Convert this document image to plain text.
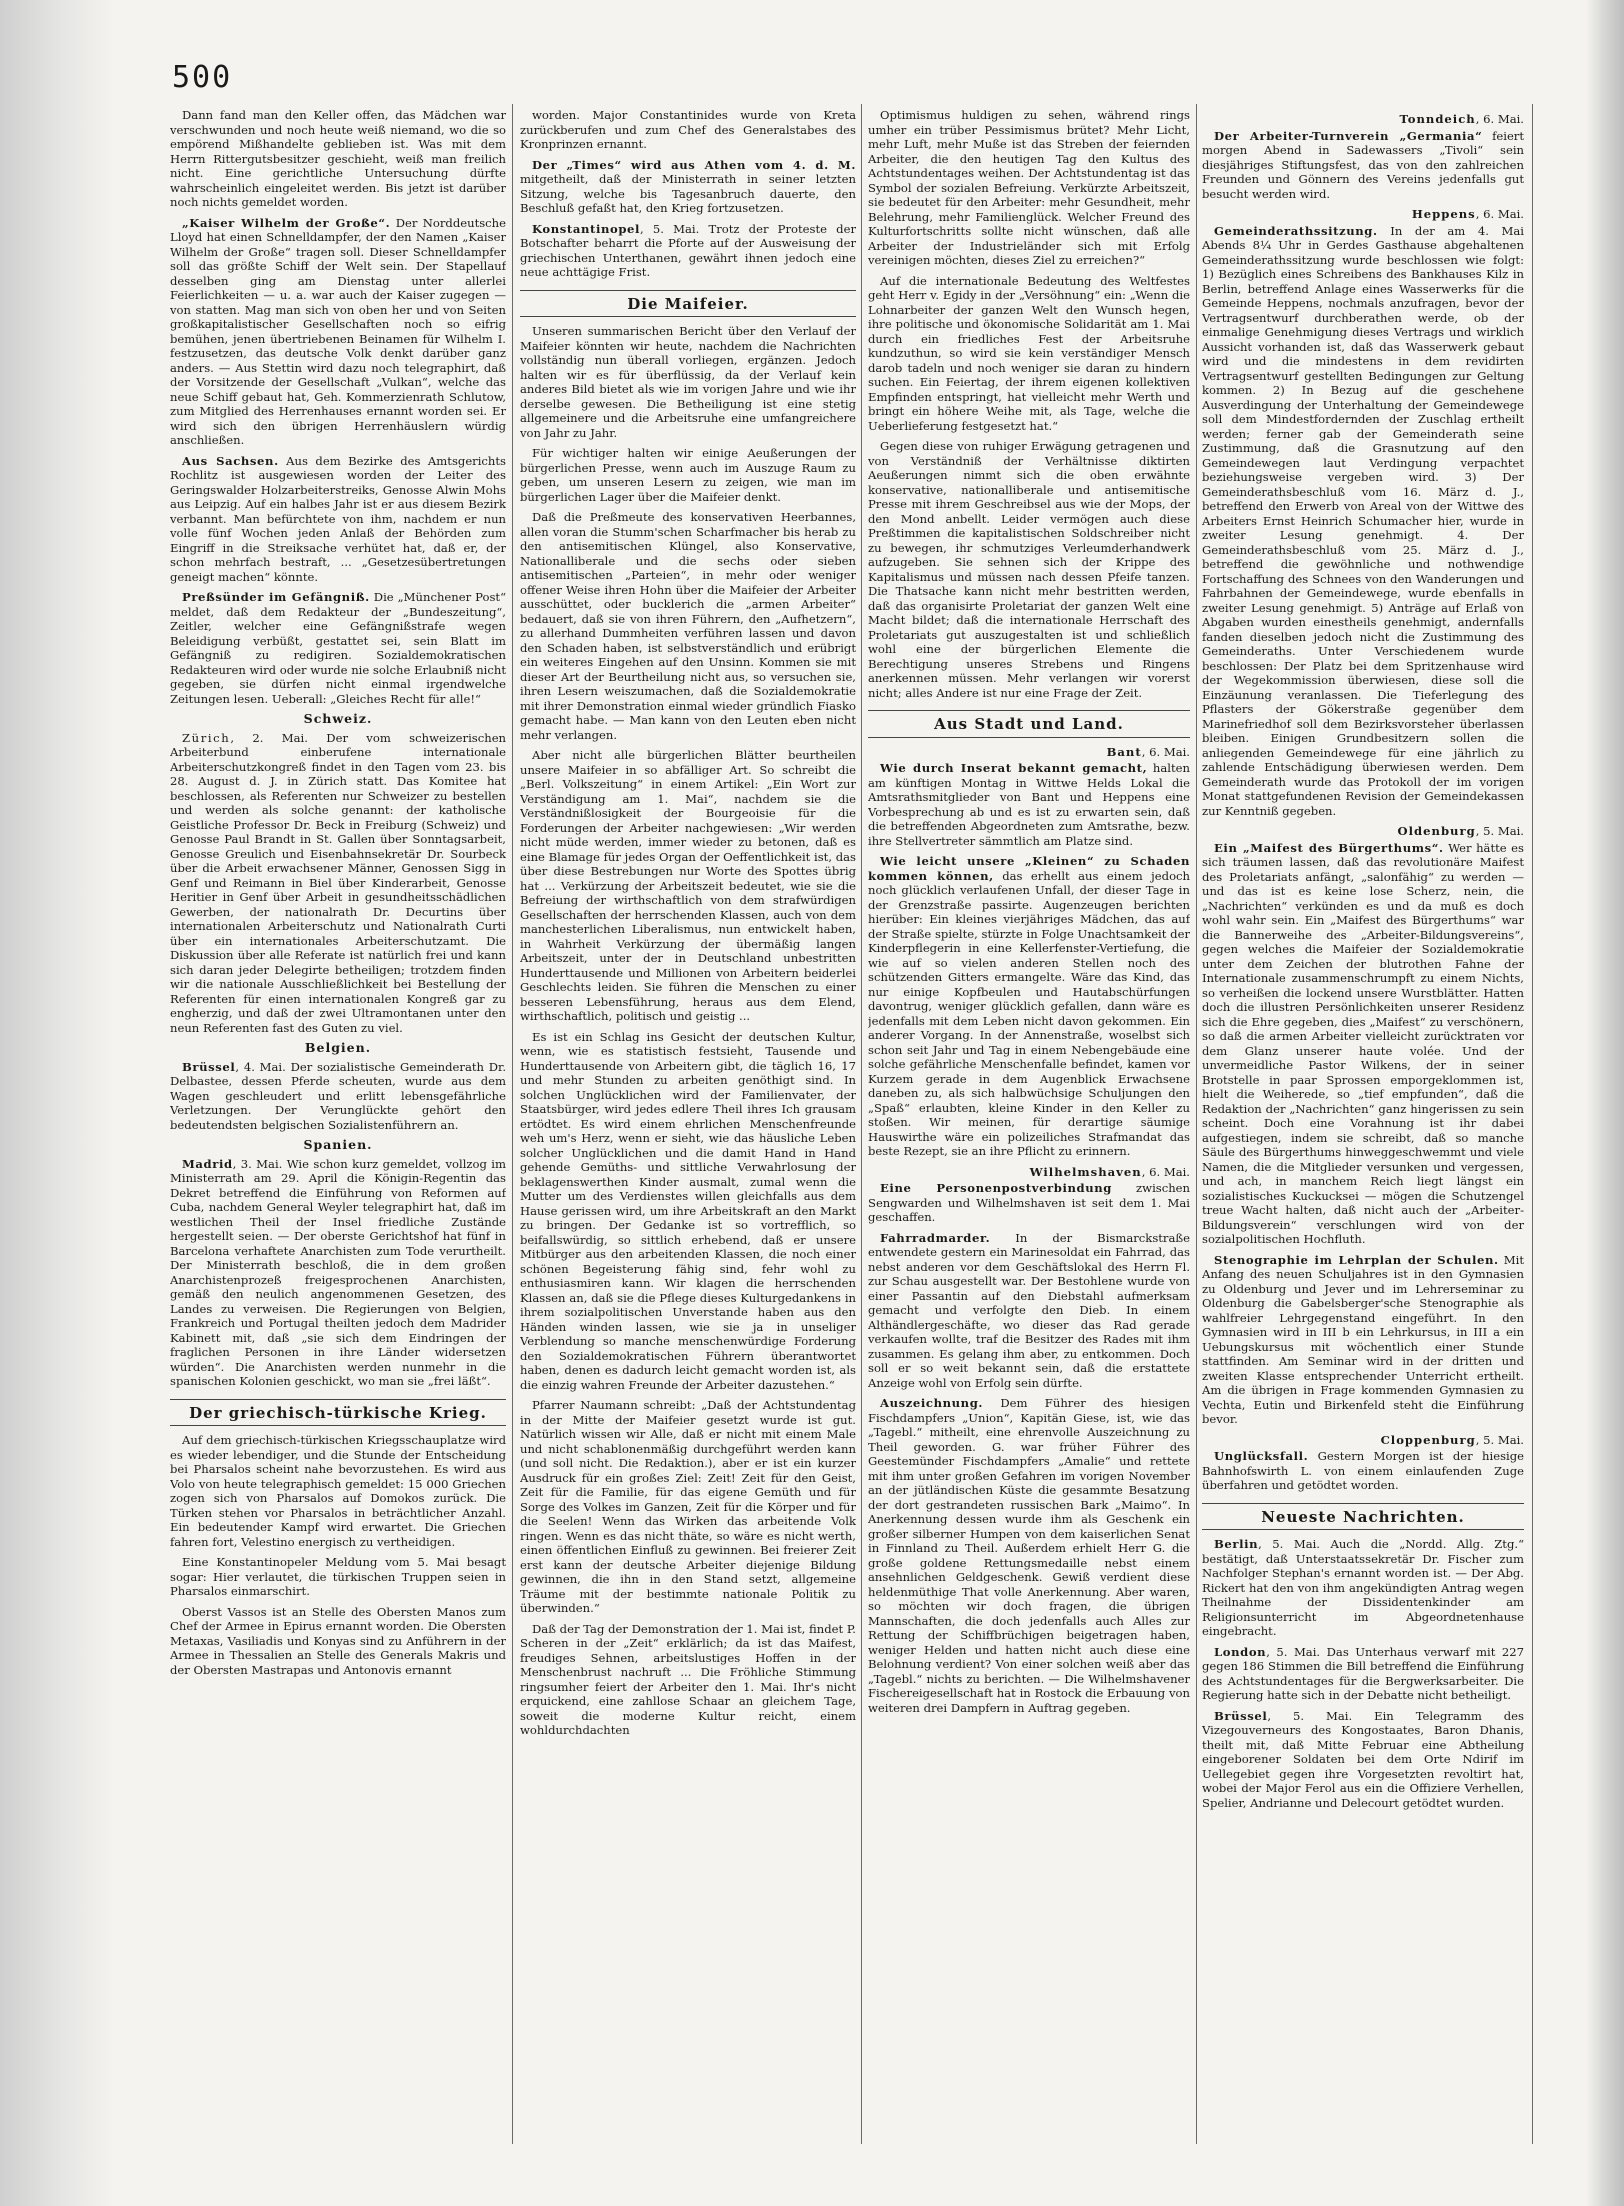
500

Dann fand man den Keller offen, das Mädchen war verschwunden und noch heute weiß niemand, wo die so empörend Mißhandelte geblieben ist. Was mit dem Herrn Rittergutsbesitzer geschieht, weiß man freilich nicht. Eine gerichtliche Untersuchung dürfte wahrscheinlich eingeleitet werden. Bis jetzt ist darüber noch nichts gemeldet worden.

„Kaiser Wilhelm der Große“. Der Norddeutsche Lloyd hat einen Schnelldampfer, der den Namen „Kaiser Wilhelm der Große“ tragen soll. Dieser Schnelldampfer soll das größte Schiff der Welt sein. Der Stapellauf desselben ging am Dienstag unter allerlei Feierlichkeiten — u. a. war auch der Kaiser zugegen — von statten. Mag man sich von oben her und von Seiten großkapitalistischer Gesellschaften noch so eifrig bemühen, jenen übertriebenen Beinamen für Wilhelm I. festzusetzen, das deutsche Volk denkt darüber ganz anders. — Aus Stettin wird dazu noch telegraphirt, daß der Vorsitzende der Gesellschaft „Vulkan“, welche das neue Schiff gebaut hat, Geh. Kommerzienrath Schlutow, zum Mitglied des Herrenhauses ernannt worden sei. Er wird sich den übrigen Herrenhäuslern würdig anschließen.

Aus Sachsen. Aus dem Bezirke des Amtsgerichts Rochlitz ist ausgewiesen worden der Leiter des Geringswalder Holzarbeiterstreiks, Genosse Alwin Mohs aus Leipzig. Auf ein halbes Jahr ist er aus diesem Bezirk verbannt. Man befürchtete von ihm, nachdem er nun volle fünf Wochen jeden Anlaß der Behörden zum Eingriff in die Streiksache verhütet hat, daß er, der schon mehrfach bestraft, ... „Gesetzesübertretungen geneigt machen“ könnte.

Preßsünder im Gefängniß. Die „Münchener Post“ meldet, daß dem Redakteur der „Bundeszeitung“, Zeitler, welcher eine Gefängnißstrafe wegen Beleidigung verbüßt, gestattet sei, sein Blatt im Gefängniß zu redigiren. Sozialdemokratischen Redakteuren wird oder wurde nie solche Erlaubniß nicht gegeben, sie dürfen nicht einmal irgendwelche Zeitungen lesen. Ueberall: „Gleiches Recht für alle!“

Schweiz.

Zürich, 2. Mai. Der vom schweizerischen Arbeiterbund einberufene internationale Arbeiterschutzkongreß findet in den Tagen vom 23. bis 28. August d. J. in Zürich statt. Das Komitee hat beschlossen, als Referenten nur Schweizer zu bestellen und werden als solche genannt: der katholische Geistliche Professor Dr. Beck in Freiburg (Schweiz) und Genosse Paul Brandt in St. Gallen über Sonntagsarbeit, Genosse Greulich und Eisenbahnsekretär Dr. Sourbeck über die Arbeit erwachsener Männer, Genossen Sigg in Genf und Reimann in Biel über Kinderarbeit, Genosse Heritier in Genf über Arbeit in gesundheitsschädlichen Gewerben, der nationalrath Dr. Decurtins über internationalen Arbeiterschutz und Nationalrath Curti über ein internationales Arbeiterschutzamt. Die Diskussion über alle Referate ist natürlich frei und kann sich daran jeder Delegirte betheiligen; trotzdem finden wir die nationale Ausschließlichkeit bei Bestellung der Referenten für einen internationalen Kongreß gar zu engherzig, und daß der zwei Ultramontanen unter den neun Referenten fast des Guten zu viel.

Belgien.

Brüssel, 4. Mai. Der sozialistische Gemeinderath Dr. Delbastee, dessen Pferde scheuten, wurde aus dem Wagen geschleudert und erlitt lebensgefährliche Verletzungen. Der Verunglückte gehört den bedeutendsten belgischen Sozialistenführern an.

Spanien.

Madrid, 3. Mai. Wie schon kurz gemeldet, vollzog im Ministerrath am 29. April die Königin-Regentin das Dekret betreffend die Einführung von Reformen auf Cuba, nachdem General Weyler telegraphirt hat, daß im westlichen Theil der Insel friedliche Zustände hergestellt seien. — Der oberste Gerichtshof hat fünf in Barcelona verhaftete Anarchisten zum Tode verurtheilt. Der Ministerrath beschloß, die in dem großen Anarchistenprozeß freigesprochenen Anarchisten, gemäß den neulich angenommenen Gesetzen, des Landes zu verweisen. Die Regierungen von Belgien, Frankreich und Portugal theilten jedoch dem Madrider Kabinett mit, daß „sie sich dem Eindringen der fraglichen Personen in ihre Länder widersetzen würden“. Die Anarchisten werden nunmehr in die spanischen Kolonien geschickt, wo man sie „frei läßt“.

Der griechisch-türkische Krieg.

Auf dem griechisch-türkischen Kriegsschauplatze wird es wieder lebendiger, und die Stunde der Entscheidung bei Pharsalos scheint nahe bevorzustehen. Es wird aus Volo von heute telegraphisch gemeldet: 15 000 Griechen zogen sich von Pharsalos auf Domokos zurück. Die Türken stehen vor Pharsalos in beträchtlicher Anzahl. Ein bedeutender Kampf wird erwartet. Die Griechen fahren fort, Velestino energisch zu vertheidigen.

Eine Konstantinopeler Meldung vom 5. Mai besagt sogar: Hier verlautet, die türkischen Truppen seien in Pharsalos einmarschirt.

Oberst Vassos ist an Stelle des Obersten Manos zum Chef der Armee in Epirus ernannt worden. Die Obersten Metaxas, Vasiliadis und Konyas sind zu Anführern in der Armee in Thessalien an Stelle des Generals Makris und der Obersten Mastrapas und Antonovis ernannt

worden. Major Constantinides wurde von Kreta zurückberufen und zum Chef des Generalstabes des Kronprinzen ernannt.

Der „Times“ wird aus Athen vom 4. d. M. mitgetheilt, daß der Ministerrath in seiner letzten Sitzung, welche bis Tagesanbruch dauerte, den Beschluß gefaßt hat, den Krieg fortzusetzen.

Konstantinopel, 5. Mai. Trotz der Proteste der Botschafter beharrt die Pforte auf der Ausweisung der griechischen Unterthanen, gewährt ihnen jedoch eine neue achttägige Frist.

Die Maifeier.

Unseren summarischen Bericht über den Verlauf der Maifeier könnten wir heute, nachdem die Nachrichten vollständig nun überall vorliegen, ergänzen. Jedoch halten wir es für überflüssig, da der Verlauf kein anderes Bild bietet als wie im vorigen Jahre und wie ihr derselbe gewesen. Die Betheiligung ist eine stetig allgemeinere und die Arbeitsruhe eine umfangreichere von Jahr zu Jahr.

Für wichtiger halten wir einige Aeußerungen der bürgerlichen Presse, wenn auch im Auszuge Raum zu geben, um unseren Lesern zu zeigen, wie man im bürgerlichen Lager über die Maifeier denkt.

Daß die Preßmeute des konservativen Heerbannes, allen voran die Stumm'schen Scharfmacher bis herab zu den antisemitischen Klüngel, also Konservative, Nationalliberale und die sechs oder sieben antisemitischen „Parteien“, in mehr oder weniger offener Weise ihren Hohn über die Maifeier der Arbeiter ausschüttet, oder bucklerich die „armen Arbeiter“ bedauert, daß sie von ihren Führern, den „Aufhetzern“, zu allerhand Dummheiten verführen lassen und davon den Schaden haben, ist selbstverständlich und erübrigt ein weiteres Eingehen auf den Unsinn. Kommen sie mit dieser Art der Beurtheilung nicht aus, so versuchen sie, ihren Lesern weiszumachen, daß die Sozialdemokratie mit ihrer Demonstration einmal wieder gründlich Fiasko gemacht habe. — Man kann von den Leuten eben nicht mehr verlangen.

Aber nicht alle bürgerlichen Blätter beurtheilen unsere Maifeier in so abfälliger Art. So schreibt die „Berl. Volkszeitung“ in einem Artikel: „Ein Wort zur Verständigung am 1. Mai“, nachdem sie die Verständnißlosigkeit der Bourgeoisie für die Forderungen der Arbeiter nachgewiesen: „Wir werden nicht müde werden, immer wieder zu betonen, daß es eine Blamage für jedes Organ der Oeffentlichkeit ist, das über diese Bestrebungen nur Worte des Spottes übrig hat ... Verkürzung der Arbeitszeit bedeutet, wie sie die Befreiung der wirthschaftlich von dem strafwürdigen Gesellschaften der herrschenden Klassen, auch von dem manchesterlichen Liberalismus, nun entwickelt haben, in Wahrheit Verkürzung der übermäßig langen Arbeitszeit, unter der in Deutschland unbestritten Hunderttausende und Millionen von Arbeitern beiderlei Geschlechts leiden. Sie führen die Menschen zu einer besseren Lebensführung, heraus aus dem Elend, wirthschaftlich, politisch und geistig ...

Es ist ein Schlag ins Gesicht der deutschen Kultur, wenn, wie es statistisch festsieht, Tausende und Hunderttausende von Arbeitern gibt, die täglich 16, 17 und mehr Stunden zu arbeiten genöthigt sind. In solchen Unglücklichen wird der Familienvater, der Staatsbürger, wird jedes edlere Theil ihres Ich grausam ertödtet. Es wird einem ehrlichen Menschenfreunde weh um's Herz, wenn er sieht, wie das häusliche Leben solcher Unglücklichen und die damit Hand in Hand gehende Gemüths- und sittliche Verwahrlosung der beklagenswerthen Kinder ausmalt, zumal wenn die Mutter um des Verdienstes willen gleichfalls aus dem Hause gerissen wird, um ihre Arbeitskraft an den Markt zu bringen. Der Gedanke ist so vortrefflich, so beifallswürdig, so sittlich erhebend, daß er unsere Mitbürger aus den arbeitenden Klassen, die noch einer schönen Begeisterung fähig sind, fehr wohl zu enthusiasmiren kann. Wir klagen die herrschenden Klassen an, daß sie die Pflege dieses Kulturgedankens in ihrem sozialpolitischen Unverstande haben aus den Händen winden lassen, wie sie ja in unseliger Verblendung so manche menschenwürdige Forderung den Sozialdemokratischen Führern überantwortet haben, denen es dadurch leicht gemacht worden ist, als die einzig wahren Freunde der Arbeiter dazustehen.“

Pfarrer Naumann schreibt: „Daß der Achtstundentag in der Mitte der Maifeier gesetzt wurde ist gut. Natürlich wissen wir Alle, daß er nicht mit einem Male und nicht schablonenmäßig durchgeführt werden kann (und soll nicht. Die Redaktion.), aber er ist ein kurzer Ausdruck für ein großes Ziel: Zeit! Zeit für den Geist, Zeit für die Familie, für das eigene Gemüth und für Sorge des Volkes im Ganzen, Zeit für die Körper und für die Seelen! Wenn das Wirken das arbeitende Volk ringen. Wenn es das nicht thäte, so wäre es nicht werth, einen öffentlichen Einfluß zu gewinnen. Bei freierer Zeit erst kann der deutsche Arbeiter diejenige Bildung gewinnen, die ihn in den Stand setzt, allgemeine Träume mit der bestimmte nationale Politik zu überwinden.“

Daß der Tag der Demonstration der 1. Mai ist, findet P. Scheren in der „Zeit“ erklärlich; da ist das Maifest, freudiges Sehnen, arbeitslustiges Hoffen in der Menschenbrust nachruft ... Die Fröhliche Stimmung ringsumher feiert der Arbeiter den 1. Mai. Ihr's nicht erquickend, eine zahllose Schaar an gleichem Tage, soweit die moderne Kultur reicht, einem wohldurchdachten

Optimismus huldigen zu sehen, während rings umher ein trüber Pessimismus brütet? Mehr Licht, mehr Luft, mehr Muße ist das Streben der feiernden Arbeiter, die den heutigen Tag den Kultus des Achtstundentages weihen. Der Achtstundentag ist das Symbol der sozialen Befreiung. Verkürzte Arbeitszeit, sie bedeutet für den Arbeiter: mehr Gesundheit, mehr Belehrung, mehr Familienglück. Welcher Freund des Kulturfortschritts sollte nicht wünschen, daß alle Arbeiter der Industrieländer sich mit Erfolg vereinigen möchten, dieses Ziel zu erreichen?“

Auf die internationale Bedeutung des Weltfestes geht Herr v. Egidy in der „Versöhnung“ ein: „Wenn die Lohnarbeiter der ganzen Welt den Wunsch hegen, ihre politische und ökonomische Solidarität am 1. Mai durch ein friedliches Fest der Arbeitsruhe kundzuthun, so wird sie kein verständiger Mensch darob tadeln und noch weniger sie daran zu hindern suchen. Ein Feiertag, der ihrem eigenen kollektiven Empfinden entspringt, hat vielleicht mehr Werth und bringt ein höhere Weihe mit, als Tage, welche die Ueberlieferung festgesetzt hat.“

Gegen diese von ruhiger Erwägung getragenen und von Verständniß der Verhältnisse diktirten Aeußerungen nimmt sich die oben erwähnte konservative, nationalliberale und antisemitische Presse mit ihrem Geschreibsel aus wie der Mops, der den Mond anbellt. Leider vermögen auch diese Preßtimmen die kapitalistischen Soldschreiber nicht zu bewegen, ihr schmutziges Verleumderhandwerk aufzugeben. Sie sehnen sich der Krippe des Kapitalismus und müssen nach dessen Pfeife tanzen. Die Thatsache kann nicht mehr bestritten werden, daß das organisirte Proletariat der ganzen Welt eine Macht bildet; daß die internationale Herrschaft des Proletariats gut auszugestalten ist und schließlich wohl eine der bürgerlichen Elemente die Berechtigung unseres Strebens und Ringens anerkennen müssen. Mehr verlangen wir vorerst nicht; alles Andere ist nur eine Frage der Zeit.

Aus Stadt und Land.
Bant, 6. Mai.

Wie durch Inserat bekannt gemacht, halten am künftigen Montag in Wittwe Helds Lokal die Amtsrathsmitglieder von Bant und Heppens eine Vorbesprechung ab und es ist zu erwarten sein, daß die betreffenden Abgeordneten zum Amtsrathe, bezw. ihre Stellvertreter sämmtlich am Platze sind.

Wie leicht unsere „Kleinen“ zu Schaden kommen können, das erhellt aus einem jedoch noch glücklich verlaufenen Unfall, der dieser Tage in der Grenzstraße passirte. Augenzeugen berichten hierüber: Ein kleines vierjähriges Mädchen, das auf der Straße spielte, stürzte in Folge Unachtsamkeit der Kinderpflegerin in eine Kellerfenster-Vertiefung, die wie auf so vielen anderen Stellen noch des schützenden Gitters ermangelte. Wäre das Kind, das nur einige Kopfbeulen und Hautabschürfungen davontrug, weniger glücklich gefallen, dann wäre es jedenfalls mit dem Leben nicht davon gekommen. Ein anderer Vorgang. In der Annenstraße, woselbst sich schon seit Jahr und Tag in einem Nebengebäude eine solche gefährliche Menschenfalle befindet, kamen vor Kurzem gerade in dem Augenblick Erwachsene daneben zu, als sich halbwüchsige Schuljungen den „Spaß“ erlaubten, kleine Kinder in den Keller zu stoßen. Wir meinen, für derartige säumige Hauswirthe wäre ein polizeiliches Strafmandat das beste Rezept, sie an ihre Pflicht zu erinnern.

Wilhelmshaven, 6. Mai.

Eine Personenpostverbindung zwischen Sengwarden und Wilhelmshaven ist seit dem 1. Mai geschaffen.

Fahrradmarder. In der Bismarckstraße entwendete gestern ein Marinesoldat ein Fahrrad, das nebst anderen vor dem Geschäftslokal des Herrn Fl. zur Schau ausgestellt war. Der Bestohlene wurde von einer Passantin auf den Diebstahl aufmerksam gemacht und verfolgte den Dieb. In einem Althändlergeschäfte, wo dieser das Rad gerade verkaufen wollte, traf die Besitzer des Rades mit ihm zusammen. Es gelang ihm aber, zu entkommen. Doch soll er so weit bekannt sein, daß die erstattete Anzeige wohl von Erfolg sein dürfte.

Auszeichnung. Dem Führer des hiesigen Fischdampfers „Union“, Kapitän Giese, ist, wie das „Tagebl.“ mitheilt, eine ehrenvolle Auszeichnung zu Theil geworden. G. war früher Führer des Geestemünder Fischdampfers „Amalie“ und rettete mit ihm unter großen Gefahren im vorigen November an der jütländischen Küste die gesammte Besatzung der dort gestrandeten russischen Bark „Maimo“. In Anerkennung dessen wurde ihm als Geschenk ein großer silberner Humpen von dem kaiserlichen Senat in Finnland zu Theil. Außerdem erhielt Herr G. die große goldene Rettungsmedaille nebst einem ansehnlichen Geldgeschenk. Gewiß verdient diese heldenmüthige That volle Anerkennung. Aber waren, so möchten wir doch fragen, die übrigen Mannschaften, die doch jedenfalls auch Alles zur Rettung der Schiffbrüchigen beigetragen haben, weniger Helden und hatten nicht auch diese eine Belohnung verdient? Von einer solchen weiß aber das „Tagebl.“ nichts zu berichten. — Die Wilhelmshavener Fischereigesellschaft hat in Rostock die Erbauung von weiteren drei Dampfern in Auftrag gegeben.

Tonndeich, 6. Mai.

Der Arbeiter-Turnverein „Germania“ feiert morgen Abend in Sadewassers „Tivoli“ sein diesjähriges Stiftungsfest, das von den zahlreichen Freunden und Gönnern des Vereins jedenfalls gut besucht werden wird.

Heppens, 6. Mai.

Gemeinderathssitzung. In der am 4. Mai Abends 8¼ Uhr in Gerdes Gasthause abgehaltenen Gemeinderathssitzung wurde beschlossen wie folgt: 1) Bezüglich eines Schreibens des Bankhauses Kilz in Berlin, betreffend Anlage eines Wasserwerks für die Gemeinde Heppens, nochmals anzufragen, bevor der Vertragsentwurf durchberathen werde, ob der einmalige Genehmigung dieses Vertrags und wirklich Aussicht vorhanden ist, daß das Wasserwerk gebaut wird und die mindestens in dem revidirten Vertragsentwurf gestellten Bedingungen zur Geltung kommen. 2) In Bezug auf die geschehene Ausverdingung der Unterhaltung der Gemeindewege soll dem Mindestfordernden der Zuschlag ertheilt werden; ferner gab der Gemeinderath seine Zustimmung, daß die Grasnutzung auf den Gemeindewegen laut Verdingung verpachtet beziehungsweise vergeben wird. 3) Der Gemeinderathsbeschluß vom 16. März d. J., betreffend den Erwerb von Areal von der Wittwe des Arbeiters Ernst Heinrich Schumacher hier, wurde in zweiter Lesung genehmigt. 4. Der Gemeinderathsbeschluß vom 25. März d. J., betreffend die gewöhnliche und nothwendige Fortschaffung des Schnees von den Wanderungen und Fahrbahnen der Gemeindewege, wurde ebenfalls in zweiter Lesung genehmigt. 5) Anträge auf Erlaß von Abgaben wurden einestheils genehmigt, andernfalls fanden dieselben jedoch nicht die Zustimmung des Gemeinderaths. Unter Verschiedenem wurde beschlossen: Der Platz bei dem Spritzenhause wird der Wegekommission überwiesen, diese soll die Einzäunung veranlassen. Die Tieferlegung des Pflasters der Gökerstraße gegenüber dem Marinefriedhof soll dem Bezirksvorsteher überlassen bleiben. Einigen Grundbesitzern sollen die anliegenden Gemeindewege für eine jährlich zu zahlende Entschädigung überwiesen werden. Dem Gemeinderath wurde das Protokoll der im vorigen Monat stattgefundenen Revision der Gemeindekassen zur Kenntniß gegeben.

Oldenburg, 5. Mai.

Ein „Maifest des Bürgerthums“. Wer hätte es sich träumen lassen, daß das revolutionäre Maifest des Proletariats anfängt, „salonfähig“ zu werden — und das ist es keine lose Scherz, nein, die „Nachrichten“ verkünden es und da muß es doch wohl wahr sein. Ein „Maifest des Bürgerthums“ war die Bannerweihe des „Arbeiter-Bildungsvereins“, gegen welches die Maifeier der Sozialdemokratie unter dem Zeichen der blutrothen Fahne der Internationale zusammenschrumpft zu einem Nichts, so verheißen die lockend unsere Wurstblätter. Hatten doch die illustren Persönlichkeiten unserer Residenz sich die Ehre gegeben, dies „Maifest“ zu verschönern, so daß die armen Arbeiter vielleicht zurücktraten vor dem Glanz unserer haute volée. Und der unvermeidliche Pastor Wilkens, der in seiner Brotstelle in paar Sprossen emporgeklommen ist, hielt die Weiherede, so „tief empfunden“, daß die Redaktion der „Nachrichten“ ganz hingerissen zu sein scheint. Doch eine Vorahnung ist ihr dabei aufgestiegen, indem sie schreibt, daß so manche Säule des Bürgerthums hinweggeschwemmt und viele Namen, die die Mitglieder versunken und vergessen, und ach, in manchem Reich liegt längst ein sozialistisches Kuckucksei — mögen die Schutzengel treue Wacht halten, daß nicht auch der „Arbeiter-Bildungsverein“ verschlungen wird von der sozialpolitischen Hochfluth.

Stenographie im Lehrplan der Schulen. Mit Anfang des neuen Schuljahres ist in den Gymnasien zu Oldenburg und Jever und im Lehrerseminar zu Oldenburg die Gabelsberger'sche Stenographie als wahlfreier Lehrgegenstand eingeführt. In den Gymnasien wird in III b ein Lehrkursus, in III a ein Uebungskursus mit wöchentlich einer Stunde stattfinden. Am Seminar wird in der dritten und zweiten Klasse entsprechender Unterricht ertheilt. Am die übrigen in Frage kommenden Gymnasien zu Vechta, Eutin und Birkenfeld steht die Einführung bevor.

Cloppenburg, 5. Mai.

Unglücksfall. Gestern Morgen ist der hiesige Bahnhofswirth L. von einem einlaufenden Zuge überfahren und getödtet worden.

Neueste Nachrichten.

Berlin, 5. Mai. Auch die „Nordd. Allg. Ztg.“ bestätigt, daß Unterstaatssekretär Dr. Fischer zum Nachfolger Stephan's ernannt worden ist. — Der Abg. Rickert hat den von ihm angekündigten Antrag wegen Theilnahme der Dissidentenkinder am Religionsunterricht im Abgeordnetenhause eingebracht.

London, 5. Mai. Das Unterhaus verwarf mit 227 gegen 186 Stimmen die Bill betreffend die Einführung des Achtstundentages für die Bergwerksarbeiter. Die Regierung hatte sich in der Debatte nicht betheiligt.

Brüssel, 5. Mai. Ein Telegramm des Vizegouverneurs des Kongostaates, Baron Dhanis, theilt mit, daß Mitte Februar eine Abtheilung eingeborener Soldaten bei dem Orte Ndirif im Uellegebiet gegen ihre Vorgesetzten revoltirt hat, wobei der Major Ferol aus ein die Offiziere Verhellen, Spelier, Andrianne und Delecourt getödtet wurden.
